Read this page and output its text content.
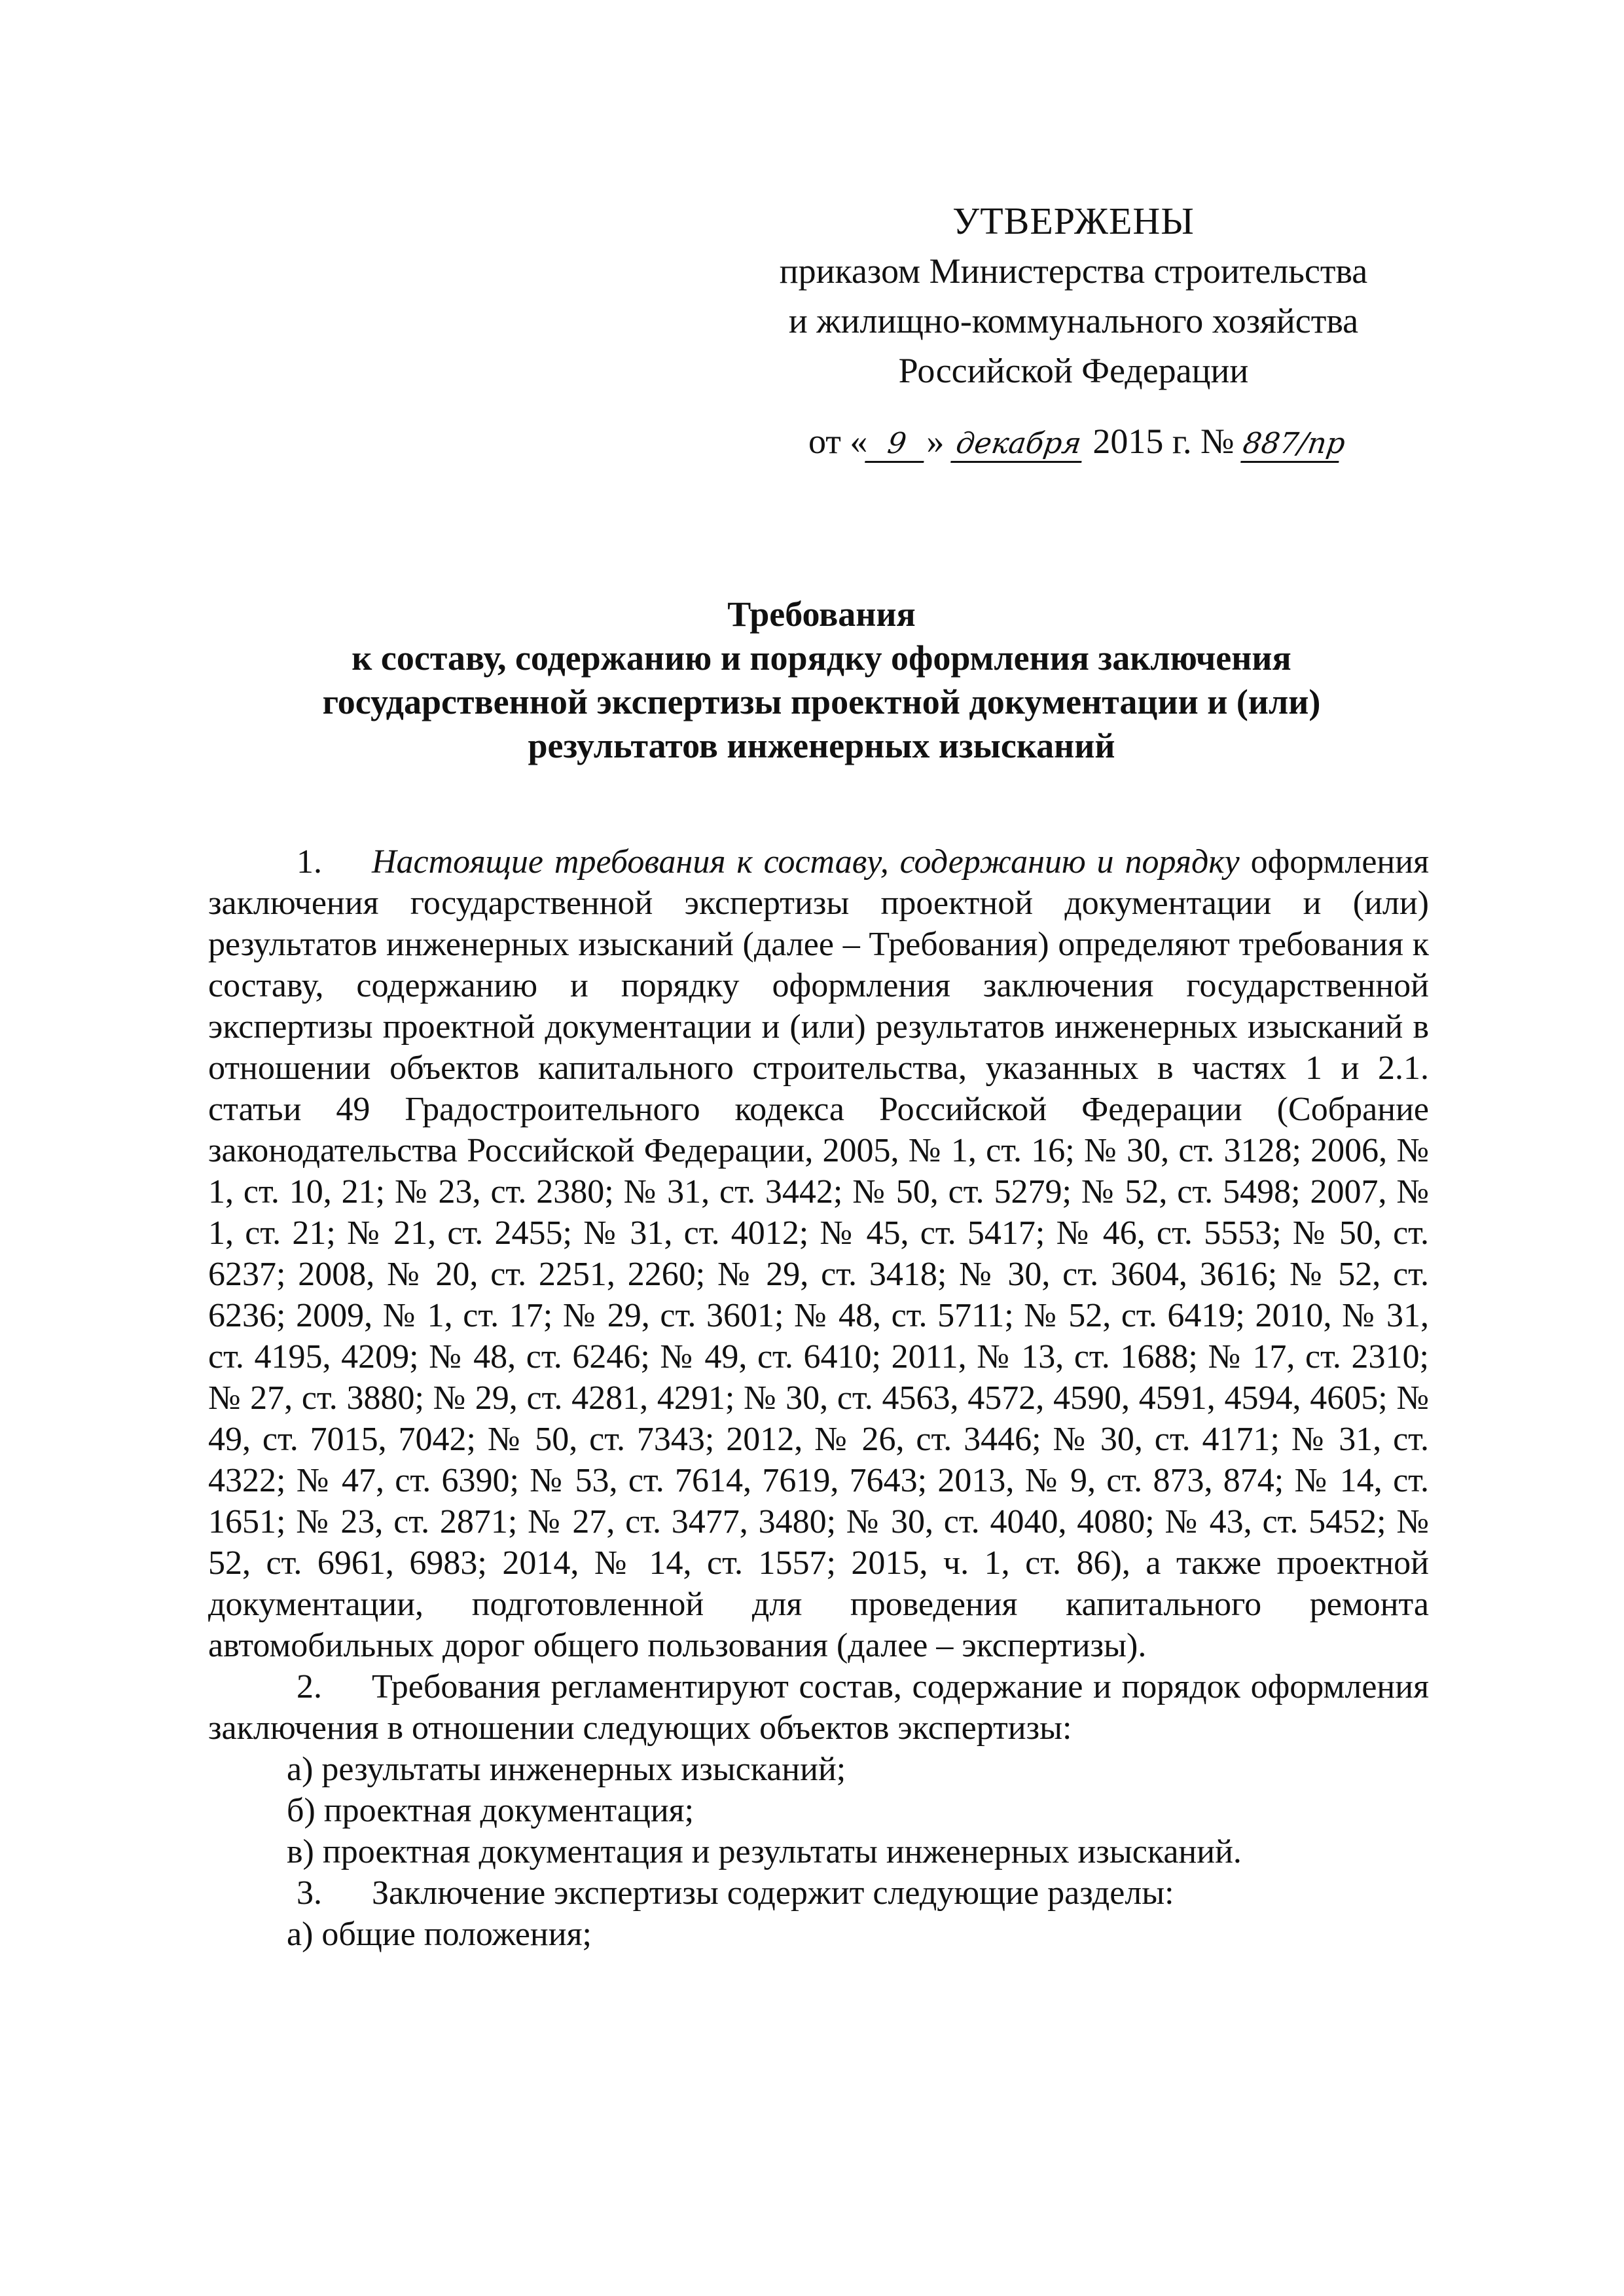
УТВЕРЖЕНЫ
приказом Министерства строительства
и жилищно-коммунального хозяйства
Российской Федерации
от « 9 » декабря 2015 г. № 887/пр
Требования
к составу, содержанию и порядку оформления заключения
государственной экспертизы проектной документации и (или)
результатов инженерных изысканий

1. Настоящие требования к составу, содержанию и порядку оформления заключения государственной экспертизы проектной документации и (или) результатов инженерных изысканий (далее – Требования) определяют требования к составу, содержанию и порядку оформления заключения государственной экспертизы проектной документации и (или) результатов инженерных изысканий в отношении объектов капитального строительства, указанных в частях 1 и 2.1. статьи 49 Градостроительного кодекса Российской Федерации (Собрание законодательства Российской Федерации, 2005, № 1, ст. 16; № 30, ст. 3128; 2006, № 1, ст. 10, 21; № 23, ст. 2380; № 31, ст. 3442; № 50, ст. 5279; № 52, ст. 5498; 2007, № 1, ст. 21; № 21, ст. 2455; № 31, ст. 4012; № 45, ст. 5417; № 46, ст. 5553; № 50, ст. 6237; 2008, № 20, ст. 2251, 2260; № 29, ст. 3418; № 30, ст. 3604, 3616; № 52, ст. 6236; 2009, № 1, ст. 17; № 29, ст. 3601; № 48, ст. 5711; № 52, ст. 6419; 2010, № 31, ст. 4195, 4209; № 48, ст. 6246; № 49, ст. 6410; 2011, № 13, ст. 1688; № 17, ст. 2310; № 27, ст. 3880; № 29, ст. 4281, 4291; № 30, ст. 4563, 4572, 4590, 4591, 4594, 4605; № 49, ст. 7015, 7042; № 50, ст. 7343; 2012, № 26, ст. 3446; № 30, ст. 4171; № 31, ст. 4322; № 47, ст. 6390; № 53, ст. 7614, 7619, 7643; 2013, № 9, ст. 873, 874; № 14, ст. 1651; № 23, ст. 2871; № 27, ст. 3477, 3480; № 30, ст. 4040, 4080; № 43, ст. 5452; № 52, ст. 6961, 6983; 2014, № 14, ст. 1557; 2015, ч. 1, ст. 86), а также проектной документации, подготовленной для проведения капитального ремонта автомобильных дорог общего пользования (далее – экспертизы).

2. Требования регламентируют состав, содержание и порядок оформления заключения в отношении следующих объектов экспертизы:

а) результаты инженерных изысканий;

б) проектная документация;

в) проектная документация и результаты инженерных изысканий.

3. Заключение экспертизы содержит следующие разделы:

а) общие положения;
